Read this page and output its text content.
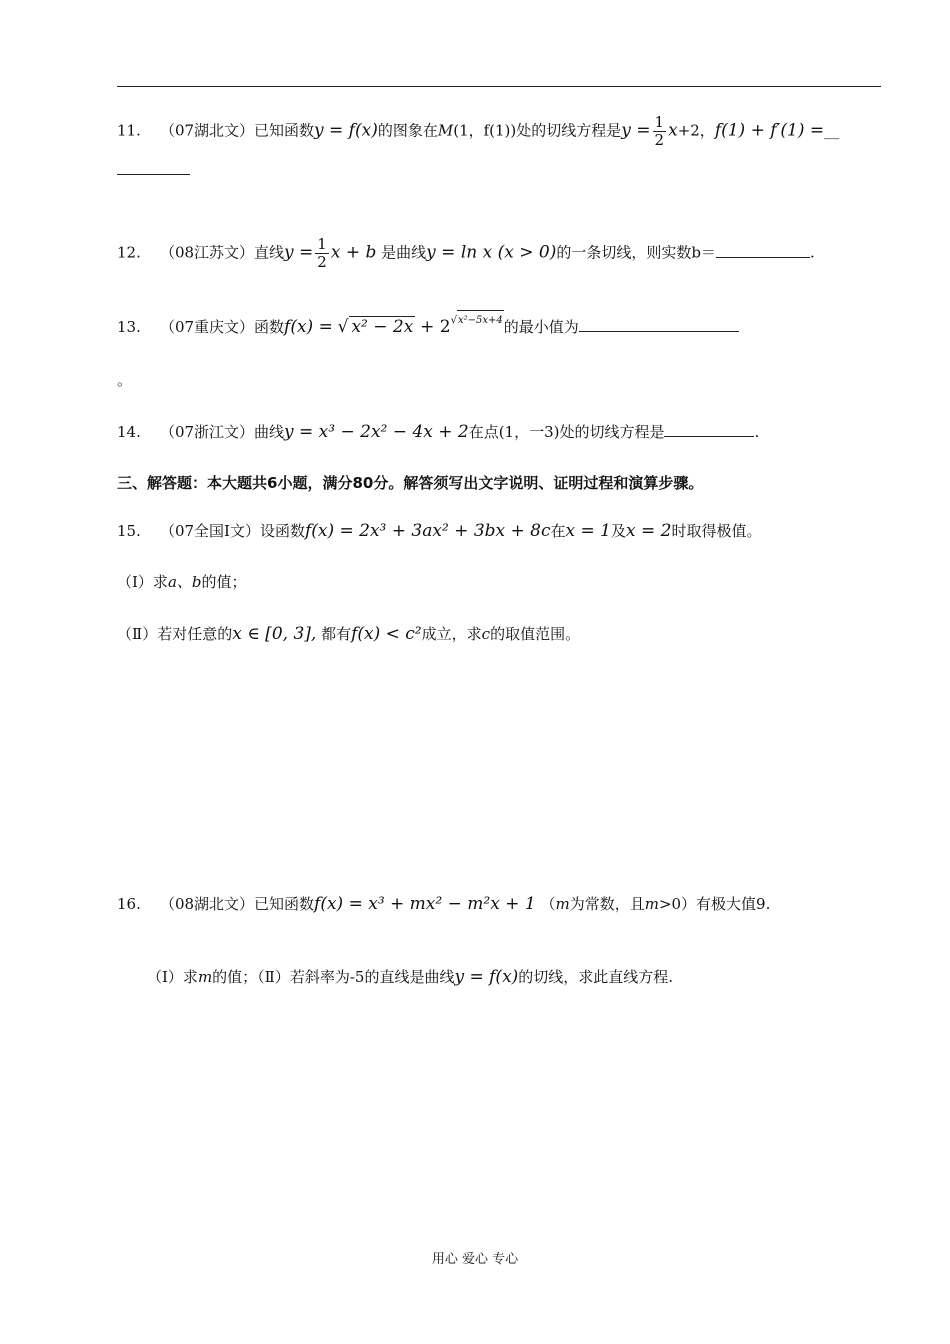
11. （07湖北文）已知函数y = f(x)的图象在M(1，f(1))处的切线方程是$y = \frac{1}{2} x+2$，f(1) + f′(1) =__
12. （08江苏文）直线$y = \frac{1}{2}$ x + b 是曲线y = ln x (x > 0)的一条切线，则实数b＝	.
13. （07重庆文）函数f(x) = √ $x^2 - 2x + 2^{√x^2-5x+4}$的最小值为
。
14. （07浙江文）曲线y = x³ − 2x² − 4x + 2在点(1，一3)处的切线方程是	.
三、解答题：本大题共6小题，满分80分。解答须写出文字说明、证明过程和演算步骤。
15. （07全国Ⅰ文）设函数f(x) = 2x³ + 3ax² + 3bx + 8c在x = 1及x = 2时取得极值。
（Ⅰ）求a、b的值；
（Ⅱ）若对任意的x ∈ [0, 3], 都有f(x) < c²成立，求c的取值范围。
16. （08湖北文）已知函数f(x) = x³ + mx² − m²x + 1 （m为常数，且m>0）有极大值9.
（Ⅰ）求m的值；（Ⅱ）若斜率为-5的直线是曲线y = f(x)的切线，求此直线方程.
用心 爱心 专心
